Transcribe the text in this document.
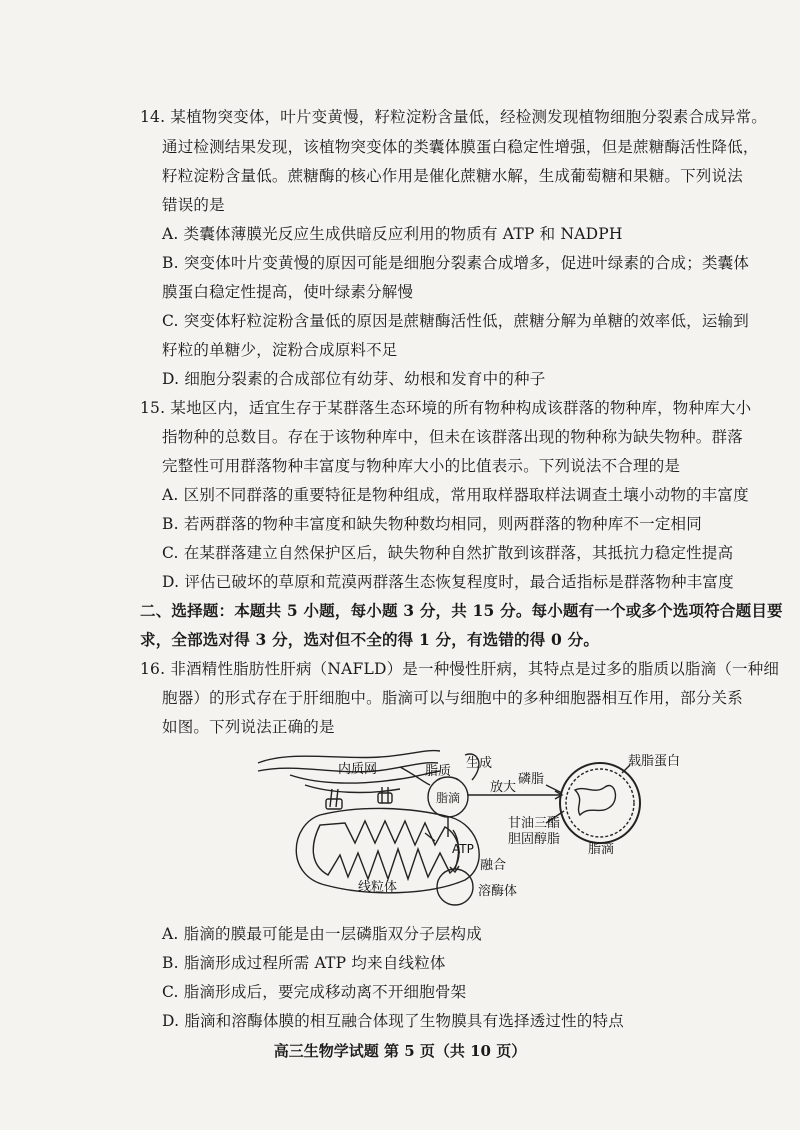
14. 某植物突变体，叶片变黄慢，籽粒淀粉含量低，经检测发现植物细胞分裂素合成异常。
通过检测结果发现，该植物突变体的类囊体膜蛋白稳定性增强，但是蔗糖酶活性降低，
籽粒淀粉含量低。蔗糖酶的核心作用是催化蔗糖水解，生成葡萄糖和果糖。下列说法
错误的是
A. 类囊体薄膜光反应生成供暗反应利用的物质有 ATP 和 NADPH
B. 突变体叶片变黄慢的原因可能是细胞分裂素合成增多，促进叶绿素的合成；类囊体
膜蛋白稳定性提高，使叶绿素分解慢
C. 突变体籽粒淀粉含量低的原因是蔗糖酶活性低，蔗糖分解为单糖的效率低，运输到
籽粒的单糖少，淀粉合成原料不足
D. 细胞分裂素的合成部位有幼芽、幼根和发育中的种子
15. 某地区内，适宜生存于某群落生态环境的所有物种构成该群落的物种库，物种库大小
指物种的总数目。存在于该物种库中，但未在该群落出现的物种称为缺失物种。群落
完整性可用群落物种丰富度与物种库大小的比值表示。下列说法不合理的是
A. 区别不同群落的重要特征是物种组成，常用取样器取样法调查土壤小动物的丰富度
B. 若两群落的物种丰富度和缺失物种数均相同，则两群落的物种库不一定相同
C. 在某群落建立自然保护区后，缺失物种自然扩散到该群落，其抵抗力稳定性提高
D. 评估已破坏的草原和荒漠两群落生态恢复程度时，最合适指标是群落物种丰富度
二、选择题：本题共 5 小题，每小题 3 分，共 15 分。每小题有一个或多个选项符合题目要
求，全部选对得 3 分，选对但不全的得 1 分，有选错的得 0 分。
16. 非酒精性脂肪性肝病（NAFLD）是一种慢性肝病，其特点是过多的脂质以脂滴（一种细
胞器）的形式存在于肝细胞中。脂滴可以与细胞中的多种细胞器相互作用，部分关系
如图。下列说法正确的是
内质网	脂质
生成
脂滴
放大
磷脂
载脂蛋白
甘油三酯
胆固醇脂
脂滴
ATP
融合
线粒体	溶酶体
A. 脂滴的膜最可能是由一层磷脂双分子层构成
B. 脂滴形成过程所需 ATP 均来自线粒体
C. 脂滴形成后，要完成移动离不开细胞骨架
D. 脂滴和溶酶体膜的相互融合体现了生物膜具有选择透过性的特点
高三生物学试题 第 5 页（共 10 页）
